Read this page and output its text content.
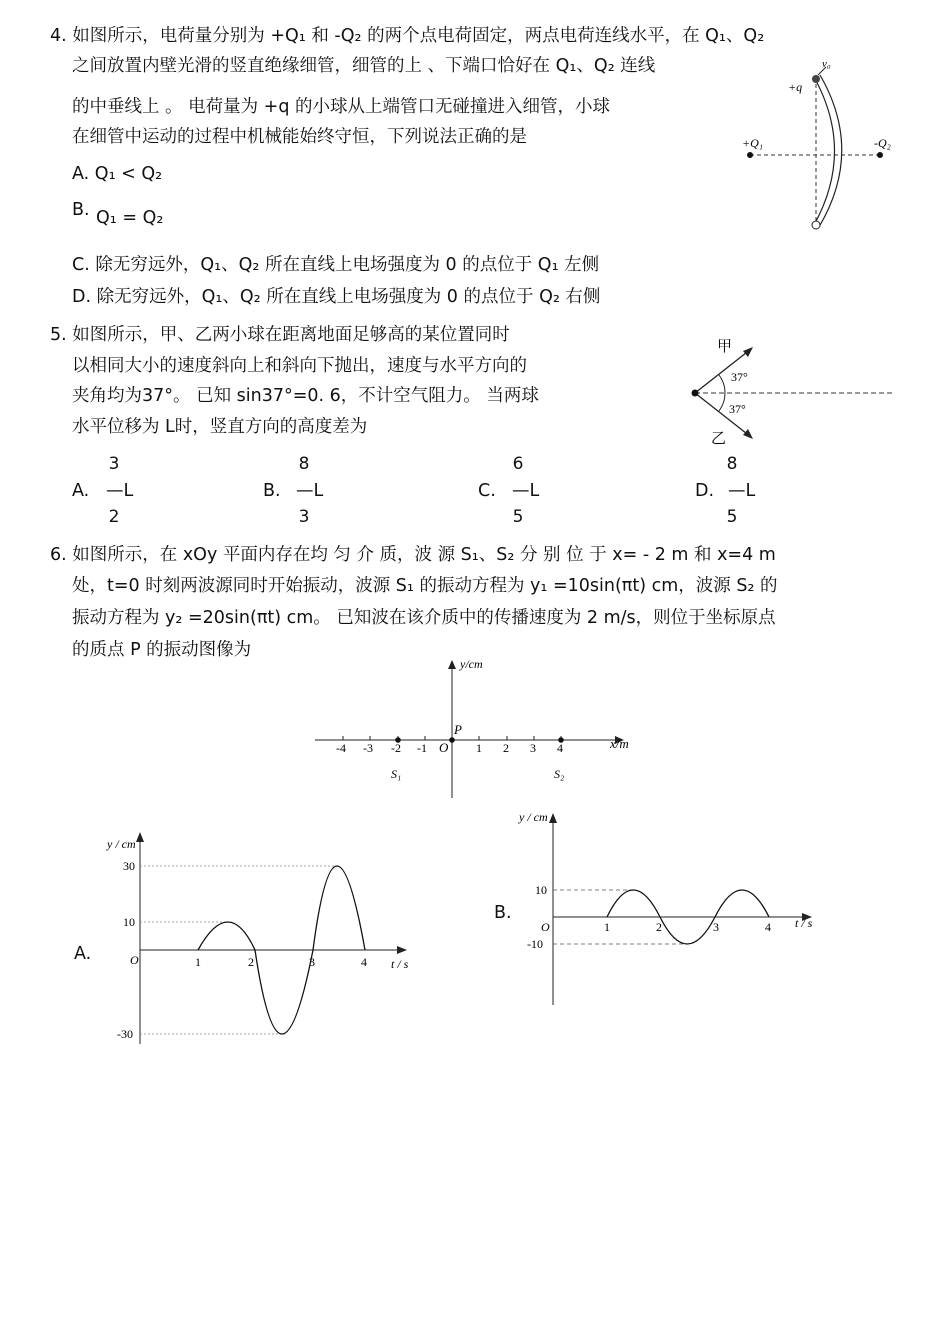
4. 如图所示，电荷量分别为 +Q₁ 和 -Q₂ 的两个点电荷固定，两点电荷连线水平，在 Q₁、Q₂
之间放置内壁光滑的竖直绝缘细管，细管的上 、下端口恰好在 Q₁、Q₂ 连线
的中垂线上 。 电荷量为 +q 的小球从上端管口无碰撞进入细管，小球
在细管中运动的过程中机械能始终守恒，下列说法正确的是
A. Q₁ < Q₂
B. Q₁ = Q₂
C. 除无穷远外，Q₁、Q₂ 所在直线上电场强度为 0 的点位于 Q₁ 左侧
D. 除无穷远外，Q₁、Q₂ 所在直线上电场强度为 0 的点位于 Q₂ 右侧
v₀
+q
+Q₁	-Q₂
5. 如图所示，甲、乙两小球在距离地面足够高的某位置同时
以相同大小的速度斜向上和斜向下抛出，速度与水平方向的
夹角均为37°。 已知 sin37°=0. 6，不计空气阻力。 当两球
水平位移为 L时，竖直方向的高度差为
甲
乙
37°
37°
3
A. —L
2
8
B. —L
3
6
C. —L
5
8
D. —L
5
6. 如图所示，在 xOy 平面内存在均 匀 介 质，波 源 S₁、S₂ 分 别 位 于 x= - 2 m 和 x=4 m
处，t=0 时刻两波源同时开始振动，波源 S₁ 的振动方程为 y₁ =10sin(πt) cm，波源 S₂ 的
振动方程为 y₂ =20sin(πt) cm。 已知波在该介质中的传播速度为 2 m/s，则位于坐标原点
的质点 P 的振动图像为
y/cm
x/m
O
P
-4 -3 -2 -1	1 2 3 4
S₁	S₂
A.
y / cm
30
10
-30
O	1	2	3	4 t / s
B.
y / cm
10
-10
O	1	2	3	4 t / s
